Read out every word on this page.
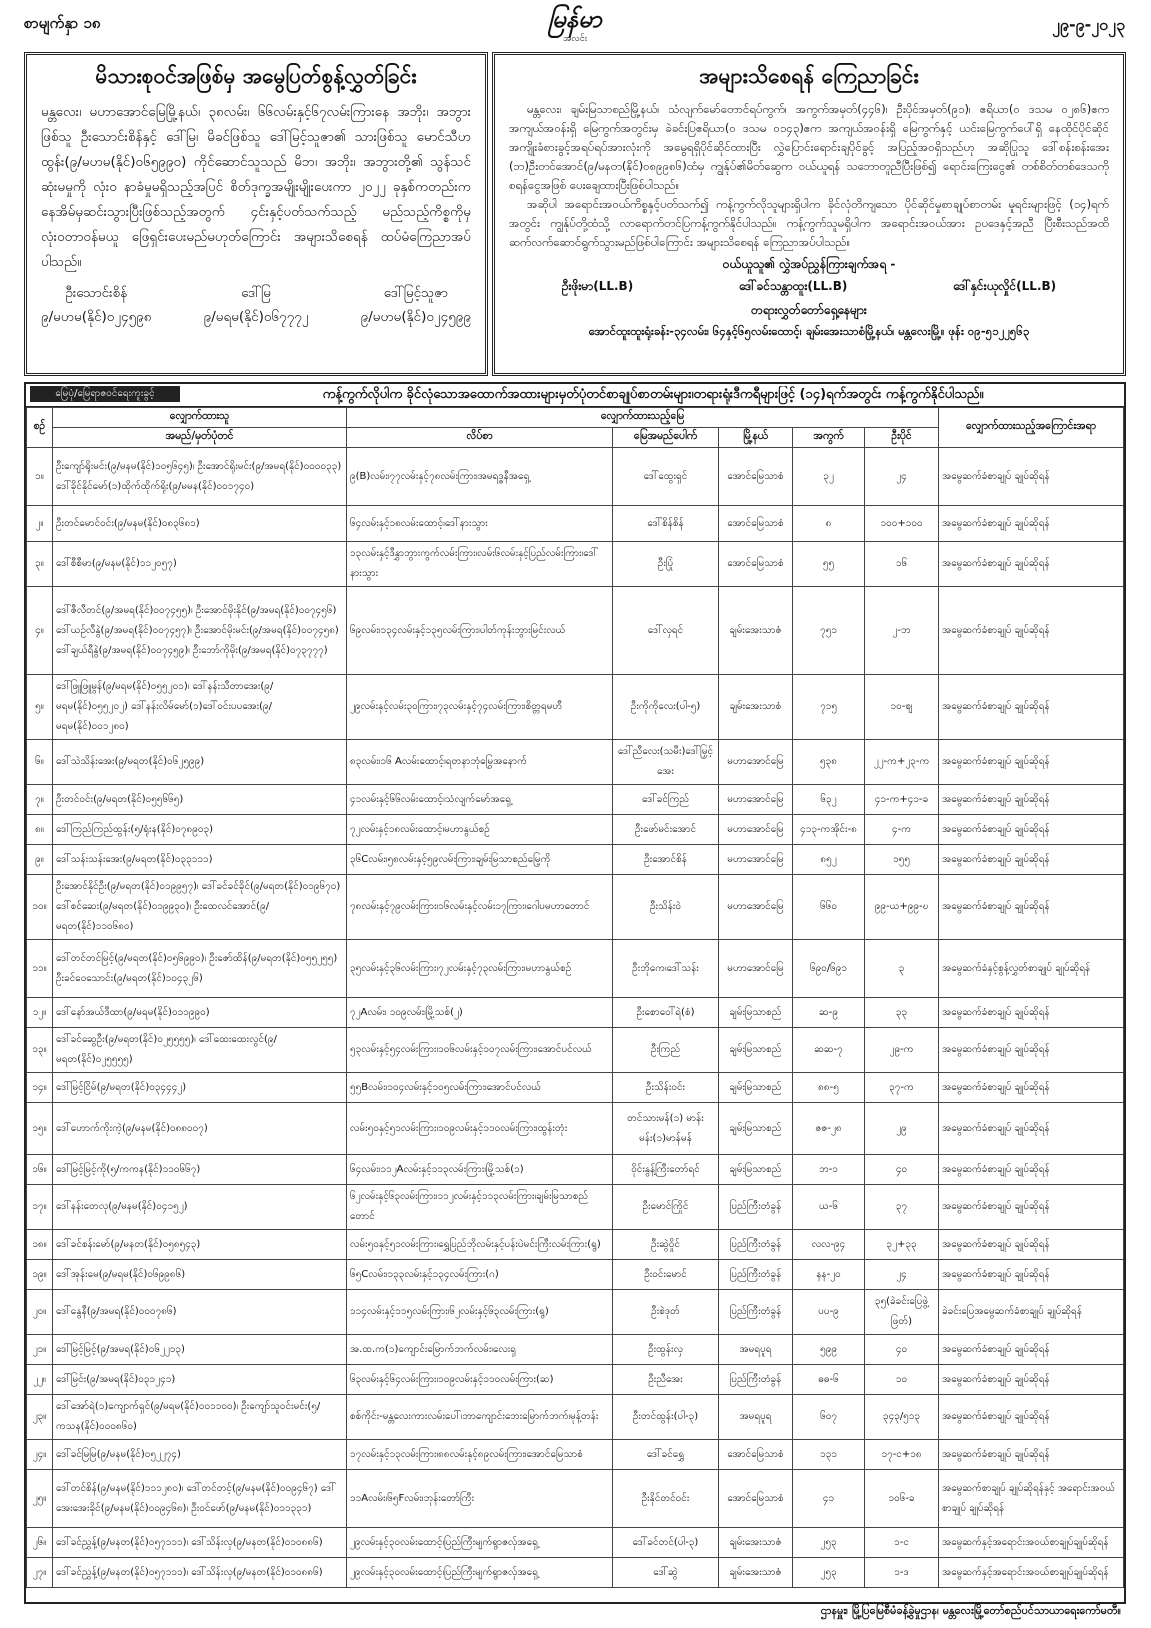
စာမျက်နှာ ၁၈	မြန်မာ
အလင်း
၂၉-၉-၂၀၂၃
မိသားစုဝင်အဖြစ်မှ အမွေပြတ်စွန့်လွှတ်ခြင်း

မန္တလေး၊ မဟာအောင်မြေမြို့နယ်၊ ၃၈လမ်း၊ ၆၆လမ်းနှင့်၆၇လမ်းကြားနေ အဘိုး၊ အဘွား ဖြစ်သူ ဦးသောင်းစိန်နှင့် ဒေါ်မြ၊ မိခင်ဖြစ်သူ ဒေါ်မြင့်သူဇာ၏ သားဖြစ်သူ မောင်သီဟထွန်း(၉/မဟမ(နိုင်)၀၆၅၉၉၀) ကိုင်ဆောင်သူသည် မိဘ၊ အဘိုး၊ အဘွားတို့၏ သွန်သင်ဆုံးမမှုကို လုံး၀ နာခံမှုမရှိသည့်အပြင် စိတ်ဒုက္ခအမျိုးမျိုးပေးကာ ၂၀၂၂ ခုနှစ်ကတည်းက နေအိမ်မှဆင်းသွားပြီးဖြစ်သည့်အတွက် ၄င်းနှင့်ပတ်သက်သည့် မည်သည့်ကိစ္စကိုမှ လုံး၀တာဝန်မယူ ဖြေရှင်းပေးမည်မဟုတ်ကြောင်း အများသိစေရန် ထပ်မံကြေညာအပ်ပါသည်။

ဦးသောင်းစိန်
၉/မဟမ(နိုင်)၀၂၄၅၉၈
ဒေါ်မြ
၉/မရမ(နိုင်)၀၆၇၇၇၂
ဒေါ်မြင့်သူဇာ
၉/မဟမ(နိုင်)၀၂၄၅၉၉
အများသိစေရန် ကြေညာခြင်း

မန္တလေး၊ ချမ်းမြသာစည်မြို့နယ်၊ သံလျက်မော်တောင်ရပ်ကွက်၊ အကွက်အမှတ်(၄၄၆)၊ ဦးပိုင်အမှတ်(၉၁)၊ ဧရိယာ(၀ ဒသမ ၀၂၈၆)ဧက အကျယ်အဝန်းရှိ မြေကွက်အတွင်းမှ ခဲခင်းပြဧရိယာ(၀ ဒသမ ၀၁၄၃)ဧက အကျယ်အဝန်းရှိ မြေကွက်နှင့် ယင်းမြေကွက်ပေါ်ရှိ နေထိုင်ပိုင်ဆိုင်အကျိုးခံစားခွင့်အရပ်ရပ်အားလုံးကို အမွေရရှိပိုင်ဆိုင်ထားပြီး လွှဲပြောင်းရောင်းချပိုင်ခွင့် အပြည့်အဝရှိသည်ဟု အဆိုပြုသူ ဒေါ်စန်းစန်းအေး (ဘ)ဦးတင်အောင်(၉/မနတ(နိုင်)၀၈၉၉၈၆)ထံမှ ကျွန်ုပ်၏မိတ်ဆွေက ဝယ်ယူရန် သဘောတူညီပြီးဖြစ်၍ ရောင်းကြေးငွေ၏ တစ်စိတ်တစ်ဒေသကို စရန်ငွေအဖြစ် ပေးချေထားပြီးဖြစ်ပါသည်။

အဆိုပါ အရောင်းအဝယ်ကိစ္စနှင့်ပတ်သက်၍ ကန့်ကွက်လိုသူများရှိပါက ခိုင်လုံတိကျသော ပိုင်ဆိုင်မှုစာချုပ်စာတမ်း မူရင်းများဖြင့် (၁၄)ရက်အတွင်း ကျွန်ုပ်တို့ထံသို့ လာရောက်တင်ပြကန့်ကွက်နိုင်ပါသည်။ ကန့်ကွက်သူမရှိပါက အရောင်းအဝယ်အား ဥပဒေနှင့်အညီ ပြီးစီးသည်အထိ ဆက်လက်ဆောင်ရွက်သွားမည်ဖြစ်ပါကြောင်း အများသိစေရန် ကြေညာအပ်ပါသည်။

ဝယ်ယူသူ၏ လွှဲအပ်ညွှန်ကြားချက်အရ -
ဦးဖိုးမာ(LL.B)	ဒေါ်ခင်သန္တာထူး(LL.B)	ဒေါ်နှင်းယုလှိုင်(LL.B)
တရားလွှတ်တော်ရှေ့နေများ
အောင်ထူးထူးရုံးခန်း-၃၄လမ်း၊ ၆၄နှင့်၆၅လမ်းထောင့်၊ ချမ်းအေးသာစံမြို့နယ်၊ မန္တလေးမြို့။ ဖုန်း ၀၉-၅၁၂၂၅၆၃
မြေပုံ/မြေရာဇဝင်ရေးကူးခွင့်	ကန့်ကွက်လိုပါက ခိုင်လုံသောအထောက်အထားများမှတ်ပုံတင်စာချုပ်စာတမ်းများ၊တရားရုံးဒီကရီများဖြင့် (၁၄)ရက်အတွင်း ကန့်ကွက်နိုင်ပါသည်။
စဉ်	လျှောက်ထားသူ	လျှောက်ထားသည့်မြေ					လျှောက်ထားသည့်အကြောင်းအရာ
	အမည်/မှတ်ပုံတင်	လိပ်စာ	မြေအမည်ပေါက်	မြို့နယ်	အကွက်	ဦးပိုင်	
၁။	ဦးကျော်ရိုးမင်း(၉/မနမ(နိုင်)၁၀၅၆၄၅)၊ ဦးအောင်ရိုးမင်း(၉/အမရ(နိုင်)၀၀၀၀၃၃) ဒေါ်ခိုင်နိုင်မော်(၁)ထိုက်ထိုက်ရိုး(၉/မမန(နိုင်)၀၀၁၇၄၀)	၉(B)လမ်း၊၇၇လမ်းနှင့်၇၈လမ်းကြား၊အမရဒ္ဓနီအရှေ့	ဒေါ်ထွေးရှင်	အောင်မြေသာစံ	၃၂	၂၄	အမွေဆက်ခံစာချုပ် ချုပ်ဆိုရန်
၂။	ဦးတင်မောင်ဝင်း(၉/မနမ(နိုင်)၀၈၃၆၈၁)	၆၄လမ်းနှင့်၁၈လမ်းထောင့်၊ဒေါ်နားသွား	ဒေါ်စိန်စိန်	အောင်မြေသာစံ	၈	၁၀၀+၁၀၀	အမွေဆက်ခံစာချုပ် ချုပ်ဆိုရန်
၃။	ဒေါ်စီစီမာ(၉/မနမ(နိုင်)၁၁၂၀၅၇)	၁၃လမ်းနှင့်ဒီနွှာဘွားကွက်လမ်းကြား၊လမ်း၆လမ်းနှင့်ပြည်လမ်းကြား၊ဒေါ်နားသွား	ဦးပြုံ	အောင်မြေသာစံ	၅၅	၁၆	အမွေဆက်ခံစာချုပ် ချုပ်ဆိုရန်
၄။	ဒေါ်ဇီလီတင်(၉/အမရ(နိုင်)၀၀၇၄၅၅)၊ ဦးအောင်မိုးနိုင်(၉/အမရ(နိုင်)၀၀၇၄၅၆) ဒေါ်ယဉ်လီနွဲ(၉/အမရ(နိုင်)၀၀၇၄၅၇)၊ ဦးအောင်မိုးမင်း(၉/အမရ(နိုင်)၀၀၇၄၅၈) ဒေါ်ချယ်ရီနွဲ(၉/အမရ(နိုင်)၀၀၇၄၅၉)၊ ဦးဘော်ကိုမိုး(၉/အမရ(နိုင်)၀၇၃၇၇၇)	၆၉လမ်း၊၁၃၄လမ်းနှင့်၁၃၅လမ်းကြား၊ပါတ်ကုန်းဘွားမြင်းလယ်	ဒေါ်လှရင်	ချမ်းအေးသာဇံ	၇၅၁	၂-ဘ	အမွေဆက်ခံစာချုပ် ချုပ်ဆိုရန်
၅။	ဒေါ်ဖြူဖြူမွန်(၉/မရမ(နိုင်)၀၅၅၂၀၁)၊ ဒေါ်နန်းသီတာအေး(၉/မရမ(နိုင်)၀၅၅၂၀၂) ဒေါ်နန်းလိမ်မော်(၁)ဒေါ်ဝင်းပပအေး(၉/မရမ(နိုင်)၀၀၁၂၈၀)	၂၉လမ်းနှင့်လမ်း၃၀ကြား၊၇၃လမ်းနှင့်၇၄လမ်းကြား၊စိတ္တရမဟီ	ဦးကိုကိုလေး(ပါ-၅)	ချမ်းအေးသာစံ	၇၁၅	၁၀-ဈ	အမွေဆက်ခံစာချုပ် ချုပ်ဆိုရန်
၆။	ဒေါ်သဲသိန်းအေး(၉/မရတ(နိုင်)၀၆၂၅၉၉)	၈၃လမ်း၊၁၆ Aလမ်းထောင့်၊ရတနာဘုံမြွေအနောက်	ဒေါ်ညီလေး(သမီး)ဒေါ်မြှင့်အေး	မဟာအောင်မြေ	၅၃၈	၂၂-က+၂၃-က	အမွေဆက်ခံစာချုပ် ချုပ်ဆိုရန်
၇။	ဦးတင်ဝင်း(၉/မရတ(နိုင်)၀၅၅၆၆၅)	၄၁လမ်းနှင့်၆၆လမ်းထောင့်၊သံလျက်မော်အရှေ့	ဒေါ်ခင်ကြည်	မဟာအောင်မြေ	၆၃၂	၄၁-က+၄၁-ခ	အမွေဆက်ခံစာချုပ် ချုပ်ဆိုရန်
၈။	ဒေါ်ကြည်ကြည်ထွန်း(၅/ရုံးန(နိုင်)၀၇၈၉၀၃)	၇၂လမ်းနှင့်၁၈လမ်းထောင့်၊မဟာနွယ်စဉ်	ဦးဖော်မင်းအောင်	မဟာအောင်မြေ	၄၁၃-ကအိုင်း-၈	၄-က	အမွေဆက်ခံစာချုပ် ချုပ်ဆိုရန်
၉။	ဒေါ်သန်းသန်းအေး(၉/မရတ(နိုင်)၀၃၃၁၁၁)	၃၆Cလမ်း၊၅၈လမ်းနှင့်၅၉လမ်းကြား၊ချမ်းမြသာစည်မြေ့ကို	ဦးအောင်စိန်	မဟာအောင်မြေ	၈၅၂	၁၅၅	အမွေဆက်ခံစာချုပ် ချုပ်ဆိုရန်
၁၀။	ဦးအောင်နိုင်ဦး(၉/မရတ(နိုင်)၀၁၉၉၅၇)၊ ဒေါ်ခင်ခင်ခိုင်(၉/မရတ(နိုင်)၀၁၉၆၇၀) ဒေါ်စင်ဆေး(၉/မရတ(နိုင်)၀၁၉၉၃၀)၊ ဦးထေလင်အောင်(၉/မရတ(နိုင်)၁၁၀၆၈၀)	၇၈လမ်းနှင့်၇၉လမ်းကြား၊၁၆လမ်းနှင့်လမ်း၁၇ကြား၊ဂေါပမဟာတောင်	ဦးသိန်းဝဲ	မဟာအောင်မြေ	၆၆၀	၉၉-ယ+၉၉-ဎ	အမွေဆက်ခံစာချုပ် ချုပ်ဆိုရန်
၁၁။	ဒေါ်တင်တင်မြင့်(၉/မရတ(နိုင်)၀၅၆၉၉၀)၊ ဦးဇော်ထိန်(၉/မရတ(နိုင်)၀၅၅၂၅၅) ဦးခင်ဝေသောင်း(၉/မရတ(နိုင်)၁၀၄၃၂၆)	၃၅လမ်းနှင့်၃၆လမ်းကြား၊၇၂လမ်းနှင့်၇၃လမ်းကြား၊မဟာနွယ်စဉ်	ဦးဘိုကေ၊ဒေါ်သန်း	မဟာအောင်မြေ	၆၉၀/၆၉၁	၃	အမွေဆက်ခံနှင့်စွန့်လွှတ်စာချုပ် ချုပ်ဆိုရန်
၁၂။	ဒေါ်နော်အယ်ဒီထာ(၉/မရမ(နိုင်)၀၁၁၉၉၀)	၇၂Aလမ်း၊ ၁၀၉လမ်း၊မြို့သစ်(၂)	ဦးစောဝေါ်ရဲ(စံ)	ချမ်းမြသာစည်	ဆ-၉	၃၃	အမွေဆက်ခံစာချုပ် ချုပ်ဆိုရန်
၁၃။	ဒေါ်ခင်ဆွေဦး(၉/မရတ(နိုင်)၀၂၅၅၅၅)၊ ဒေါ်ထေးထေးလွင်(၉/မရတ(နိုင်)၀၂၅၅၅၅)	၅၃လမ်းနှင့်၅၄လမ်းကြား၊၁၀၆လမ်းနှင့်၁၀၇လမ်းကြား၊အောင်ပင်လယ်	ဦးကြည်	ချမ်းမြသာစည်	ဆဆ-၇	၂၉-က	အမွေဆက်ခံစာချုပ် ချုပ်ဆိုရန်
၁၄။	ဒေါ်မြင့်ငြိမ်(၉/မရတ(နိုင်)၀၃၄၄၄၂)	၅၅Bလမ်း၊၁၀၄လမ်းနှင့်၁၀၅လမ်းကြား၊အောင်ပင်လယ်	ဦးသိန်းဝင်း	ချမ်းမြသာစည်	၈၈-၅	၃၇-က	အမွေဆက်ခံစာချုပ် ချုပ်ဆိုရန်
၁၅။	ဒေါ်ဟောက်ကိုးကဲ့(၉/မနမ(နိုင်)၀၈၈၀၀၇)	လမ်း၅၀နှင့်၅၁လမ်းကြား၊၁၀၉လမ်းနှင့်၁၁၀လမ်းကြား၊ထွန်းတုံး	တင်သားမန်(၁) မာန်းမန်း(၁)မာန်မန်	ချမ်းမြသာစည်	ဇဇ-၂၈	၂၉	အမွေဆက်ခံစာချုပ် ချုပ်ဆိုရန်
၁၆။	ဒေါ်မြင့်မြင့်ကို(၅/ကကန(နိုင်)၁၁၀၆၆၇)	၆၄လမ်း၊၁၁၂Aလမ်းနှင့်၁၁၃လမ်းကြား၊မြို့သစ်(၁)	ဝိုင်းနွန့်ကြီးတော်ရင်	ချမ်းမြသာစည်	ဘ-၁	၄၀	အမွေဆက်ခံစာချုပ် ချုပ်ဆိုရန်
၁၇။	ဒေါ်နန်းတေလု(၉/မနမ(နိုင်)၀၄၁၅၂)	၆၂လမ်းနှင့်၆၃လမ်းကြား၊၁၁၂လမ်းနှင့်၁၁၃လမ်းကြား၊ချမ်းမြသာစည်တောင်	ဦးမောင်ကြိုင်	ပြည်ကြီးတံခွန်	ယ-၆	၃၇	အမွေဆက်ခံစာချုပ် ချုပ်ဆိုရန်
၁၈။	ဒေါ်ခင်စန်းမော်(၉/မနတ(နိုင်)၀၅၈၅၄၃)	လမ်း၅၀နှင့်၅၁လမ်းကြား၊ရွှေပြည်ဘိုလမ်းနှင့်ပန်းပဲမင်းကြီးလမ်းကြား(ရွ)	ဦးဆွဲဝှိုင်	ပြည်ကြီးတံခွန်	လလ-၉၄	၃၂+၃၃	အမွေဆက်ခံစာချုပ် ချုပ်ဆိုရန်
၁၉။	ဒေါ်အုန်းမေ(၉/မရမ(နိုင်)၀၆၉၉၈၆)	၆၅Cလမ်း၊၁၃၃လမ်းနှင့်၁၃၄လမ်းကြား(ဂ)	ဦးဝင်းမောင်	ပြည်ကြီးတံခွန်	နန-၂၀	၂၄	အမွေဆက်ခံစာချုပ် ချုပ်ဆိုရန်
၂၀။	ဒေါ်နွေနီ(၉/အမရ(နိုင်)၀၀၀၇၈၆)	၁၁၄လမ်းနှင့်၁၁၅လမ်းကြား၊၆၂လမ်းနှင့်၆၃လမ်းကြား(ရွ)	ဦးစဲဒုတ်	ပြည်ကြီးတံခွန်	ပပ-၉	၃၅(ခဲခင်းပြေဖွဲ့ဖြတ်)	ခဲခင်းပြေအမွေဆက်ခံစာချုပ် ချုပ်ဆိုရန်
၂၁။	ဒေါ်မြင့်မြင့်(၉/အမရ(နိုင်)၀၆၂၂၁၃)	အ.ထ.က(၁)ကျောင်းမြောက်ဘက်လမ်း၊လေးရှ	ဦးထွန်းလှ	အမရပူရ	၅၉၉	၄၀	အမွေဆက်ခံစာချုပ် ချုပ်ဆိုရန်
၂၂။	ဒေါ်မြင်း(၉/အမရ(နိုင်)၀၃၁၂၄၁)	၆၃လမ်းနှင့်၆၄လမ်းကြား၊၁၀၉လမ်းနှင့်၁၁၀လမ်းကြား(ဆ)	ဦးညီအေး	ပြည်ကြီးတံခွန်	ဓဓ-၆	၁၀	အမွေဆက်ခံစာချုပ် ချုပ်ဆိုရန်
၂၃။	ဒေါ်အော်ရဲ(၁)ကျောက်ရှင်(၉/မရမ(နိုင်)၀၀၁၁၀၀)၊ ဦးကျော်သူဝင်းမင်း(၅/ကသန(နိုင်)၀၀၀၈၆၀)	စစ်ကိုင်း-မန္တလေးကားလမ်းပေါ်၊ဘာကျောင်းဘေးမြောက်ဘက်၊မုန့်တန်း	ဦးတင်ထွန်း(ပါ-၃)	အမရပူရ	၆၀၇	၃၄၃/၅၁၃	အမွေဆက်ခံစာချုပ် ချုပ်ဆိုရန်
၂၄။	ဒေါ်ခင်မြမြ(၉/မနမ(နိုင်)၀၅၂၂၇၄)	၁၇လမ်းနှင့်၁၃လမ်းကြား၊၈၈လမ်းနှင့်၈၉လမ်းကြား၊အောင်မြေသာစံ	ဒေါ်ခင်ရွှေ	အောင်မြေသာစံ	၁၃၁	၁၇-င+၁၈	အမွေဆက်ခံစာချုပ် ချုပ်ဆိုရန်
၂၅။	ဒေါ်တင်စိန်(၉/မနမ(နိုင်)၁၁၁၂၈၀)၊ ဒေါ်တင်တင့်(၉/မနမ(နိုင်)၀၀၉၄၆၇) ဒေါ်အေးအေးခိုင်(၉/မနမ(နိုင်)၀၀၉၄၆၈)၊ ဦးဝင်ဖော်(၉/မနမ(နိုင်)၀၁၁၃၃၁)	၁၁Aလမ်း၊၆၅Fလမ်း၊ဘုန်းတော်ကြီး	ဦးနိုင်တင်ဝင်း	အောင်မြေသာစံ	၄၁	၁၀၆-ခ	အမွေဆက်စာချုပ် ချုပ်ဆိုရန်နှင့် အရောင်းအဝယ်စာချုပ် ချုပ်ဆိုရန်
၂၆။	ဒေါ်ခင်ညွှန့်(၉/မနတ(နိုင်)၀၅၇၁၁၁)၊ ဒေါ်သိန်းလှ(၉/မနတ(နိုင်)၀၁၀၈၈၆)	၂၉လမ်းနှင့်၃၀လမ်းထောင့်၊ပြည်ကြီးမျက်ရွာဇလှ်အရှေ့	ဒေါ်ခင်တင်(ပါ-၃)	ချမ်းအေးသာဇံ	၂၅၃	၁-င	အမွေဆက်နှင့်အရောင်းအဝယ်စာချုပ်ချုပ်ဆိုရန်
၂၇။	ဒေါ်ခင်ညွှန့်(၉/မနတ(နိုင်)၀၅၇၁၁၁)၊ ဒေါ်သိန်းလှ(၉/မနတ(နိုင်)၀၁၀၈၈၆)	၂၉လမ်းနှင့်၃၀လမ်းထောင့်၊ပြည်ကြီးမျက်ရွာဇလှ်အရှေ့	ဒေါ်ဆွဲ	ချမ်းအေးသာဇံ	၂၅၃	၁-ဒ	အမွေဆက်နှင့်အရောင်းအဝယ်စာချုပ်ချုပ်ဆိုရန်
ဌာနမှူး၊ မြို့ပြမြေစီမံခန့်ခွဲမှုဌာန၊ မန္တလေးမြို့တော်စည်ပင်သာယာရေးကော်မတီ။
